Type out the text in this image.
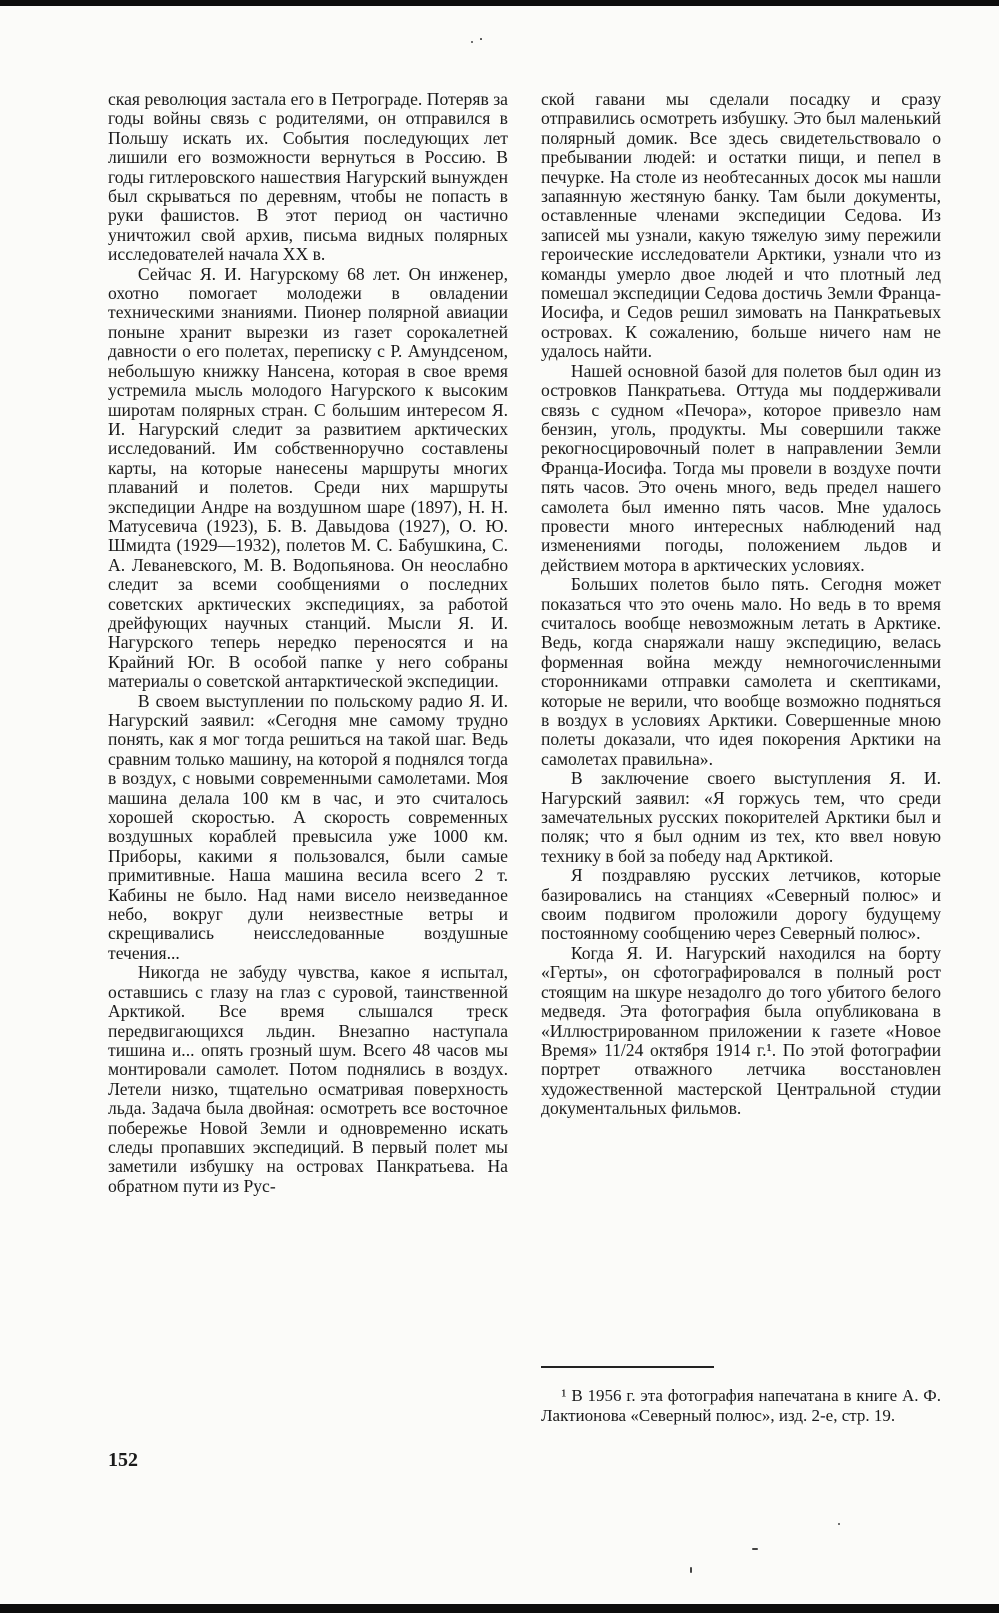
ская революция застала его в Петрограде. Потеряв за годы войны связь с родителями, он отправился в Польшу искать их. События последующих лет лишили его возможности вернуться в Россию. В годы гитлеровского нашествия Нагурский вынужден был скрываться по деревням, чтобы не попасть в руки фашистов. В этот период он частично уничтожил свой архив, письма видных полярных исследователей начала XX в.

Сейчас Я. И. Нагурскому 68 лет. Он инженер, охотно помогает молодежи в овладении техническими знаниями. Пионер полярной авиации поныне хранит вырезки из газет сорокалетней давности о его полетах, переписку с Р. Амундсеном, небольшую книжку Нансена, которая в свое время устремила мысль молодого Нагурского к высоким широтам полярных стран. С большим интересом Я. И. Нагурский следит за развитием арктических исследований. Им собственноручно составлены карты, на которые нанесены маршруты многих плаваний и полетов. Среди них маршруты экспедиции Андре на воздушном шаре (1897), Н. Н. Матусевича (1923), Б. В. Давыдова (1927), О. Ю. Шмидта (1929—1932), полетов М. С. Бабушкина, С. А. Леваневского, М. В. Водопьянова. Он неослабно следит за всеми сообщениями о последних советских арктических экспедициях, за работой дрейфующих научных станций. Мысли Я. И. Нагурского теперь нередко переносятся и на Крайний Юг. В особой папке у него собраны материалы о советской антарктической экспедиции.

В своем выступлении по польскому радио Я. И. Нагурский заявил: «Сегодня мне самому трудно понять, как я мог тогда решиться на такой шаг. Ведь сравним только машину, на которой я поднялся тогда в воздух, с новыми современными самолетами. Моя машина делала 100 км в час, и это считалось хорошей скоростью. А скорость современных воздушных кораблей превысила уже 1000 км. Приборы, какими я пользовался, были самые примитивные. Наша машина весила всего 2 т. Кабины не было. Над нами висело неизведанное небо, вокруг дули неизвестные ветры и скрещивались неисследованные воздушные течения...

Никогда не забуду чувства, какое я испытал, оставшись с глазу на глаз с суровой, таинственной Арктикой. Все время слышался треск передвигающихся льдин. Внезапно наступала тишина и... опять грозный шум. Всего 48 часов мы монтировали самолет. Потом поднялись в воздух. Летели низко, тщательно осматривая поверхность льда. Задача была двойная: осмотреть все восточное побережье Новой Земли и одновременно искать следы пропавших экспедиций. В первый полет мы заметили избушку на островах Панкратьева. На обратном пути из Рус-

ской гавани мы сделали посадку и сразу отправились осмотреть избушку. Это был маленький полярный домик. Все здесь свидетельствовало о пребывании людей: и остатки пищи, и пепел в печурке. На столе из необтесанных досок мы нашли запаянную жестяную банку. Там были документы, оставленные членами экспедиции Седова. Из записей мы узнали, какую тяжелую зиму пережили героические исследователи Арктики, узнали что из команды умерло двое людей и что плотный лед помешал экспедиции Седова достичь Земли Франца-Иосифа, и Седов решил зимовать на Панкратьевых островах. К сожалению, больше ничего нам не удалось найти.

Нашей основной базой для полетов был один из островков Панкратьева. Оттуда мы поддерживали связь с судном «Печора», которое привезло нам бензин, уголь, продукты. Мы совершили также рекогносцировочный полет в направлении Земли Франца-Иосифа. Тогда мы провели в воздухе почти пять часов. Это очень много, ведь предел нашего самолета был именно пять часов. Мне удалось провести много интересных наблюдений над изменениями погоды, положением льдов и действием мотора в арктических условиях.

Больших полетов было пять. Сегодня может показаться что это очень мало. Но ведь в то время считалось вообще невозможным летать в Арктике. Ведь, когда снаряжали нашу экспедицию, велась форменная война между немногочисленными сторонниками отправки самолета и скептиками, которые не верили, что вообще возможно подняться в воздух в условиях Арктики. Совершенные мною полеты доказали, что идея покорения Арктики на самолетах правильна».

В заключение своего выступления Я. И. Нагурский заявил: «Я горжусь тем, что среди замечательных русских покорителей Арктики был и поляк; что я был одним из тех, кто ввел новую технику в бой за победу над Арктикой.

Я поздравляю русских летчиков, которые базировались на станциях «Северный полюс» и своим подвигом проложили дорогу будущему постоянному сообщению через Северный полюс».

Когда Я. И. Нагурский находился на борту «Герты», он сфотографировался в полный рост стоящим на шкуре незадолго до того убитого белого медведя. Эта фотография была опубликована в «Иллюстрированном приложении к газете «Новое Время» 11/24 октября 1914 г.¹. По этой фотографии портрет отважного летчика восстановлен художественной мастерской Центральной студии документальных фильмов.

¹ В 1956 г. эта фотография напечатана в книге А. Ф. Лактионова «Северный полюс», изд. 2-е, стр. 19.

152
